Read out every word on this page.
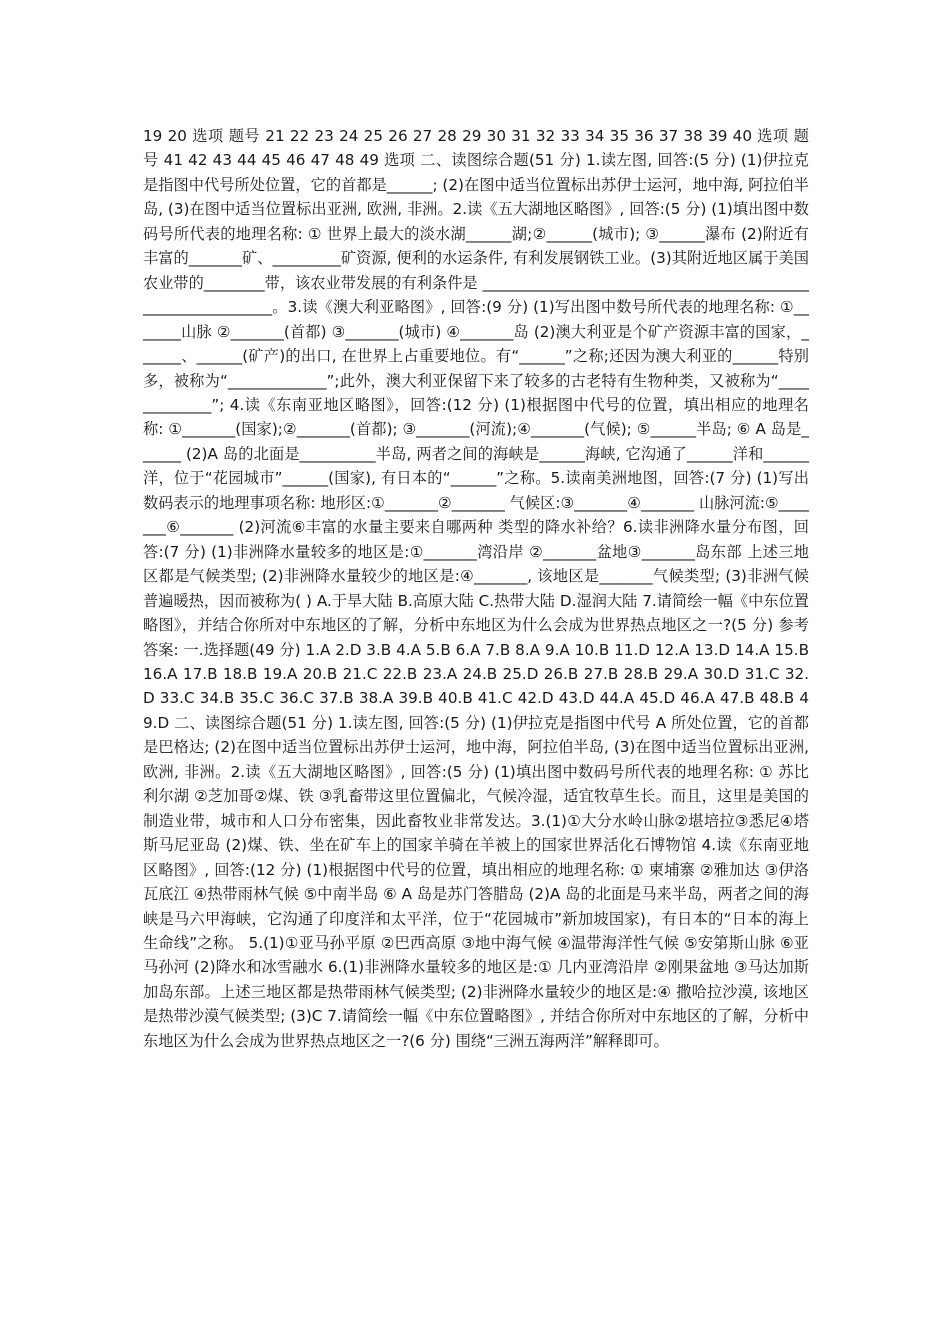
19 20 选项 题号 21 22 23 24 25 26 27 28 29 30 31 32 33 34 35 36 37 38 39 40 选项 题号 41 42 43 44 45 46 47 48 49 选项 二、读图综合题(51 分) 1.读左图, 回答:(5 分) (1)伊拉克是指图中代号所处位置，它的首都是______; (2)在图中适当位置标出苏伊士运河，地中海, 阿拉伯半岛, (3)在图中适当位置标出亚洲, 欧洲, 非洲。2.读《五大湖地区略图》, 回答:(5 分) (1)填出图中数码号所代表的地理名称: ① 世界上最大的淡水湖______湖;②______(城市); ③______瀑布 (2)附近有丰富的_______矿、_________矿资源, 便利的水运条件, 有利发展钢铁工业。(3)其附近地区属于美国农业带的________带，该农业带发展的有利条件是 ____________________________________________________________。3.读《澳大利亚略图》, 回答:(9 分) (1)写出图中数号所代表的地理名称: ①_______山脉 ②_______(首都) ③_______(城市) ④_______岛 (2)澳大利亚是个矿产资源丰富的国家，______、______(矿产)的出口, 在世界上占重要地位。有“______”之称;还因为澳大利亚的______特别多，被称为“_____________”;此外，澳大利亚保留下来了较多的古老特有生物种类，又被称为“_____________”; 4.读《东南亚地区略图》，回答:(12 分) (1)根据图中代号的位置，填出相应的地理名称: ①_______(国家);②_______(首都); ③_______(河流);④_______(气候); ⑤______半岛; ⑥ A 岛是______ (2)A 岛的北面是__________半岛, 两者之间的海峡是______海峡, 它沟通了______洋和______洋，位于“花园城市”______(国家), 有日本的“______”之称。5.读南美洲地图，回答:(7 分) (1)写出数码表示的地理事项名称: 地形区:①_______②_______ 气候区:③_______④_______ 山脉河流:⑤_______⑥_______ (2)河流⑥丰富的水量主要来自哪两种 类型的降水补给？6.读非洲降水量分布图，回答:(7 分) (1)非洲降水量较多的地区是:①_______湾沿岸 ②_______盆地③_______岛东部 上述三地区都是气候类型; (2)非洲降水量较少的地区是:④_______, 该地区是_______气候类型; (3)非洲气候普遍暖热，因而被称为( ) A.于旱大陆 B.高原大陆 C.热带大陆 D.湿润大陆 7.请简绘一幅《中东位置略图》，并结合你所对中东地区的了解，分析中东地区为什么会成为世界热点地区之一?(5 分) 参考答案: 一.选择题(49 分) 1.A 2.D 3.B 4.A 5.B 6.A 7.B 8.A 9.A 10.B 11.D 12.A 13.D 14.A 15.B 16.A 17.B 18.B 19.A 20.B 21.C 22.B 23.A 24.B 25.D 26.B 27.B 28.B 29.A 30.D 31.C 32.D 33.C 34.B 35.C 36.C 37.B 38.A 39.B 40.B 41.C 42.D 43.D 44.A 45.D 46.A 47.B 48.B 49.D 二、读图综合题(51 分) 1.读左图, 回答:(5 分) (1)伊拉克是指图中代号 A 所处位置，它的首都是巴格达; (2)在图中适当位置标出苏伊士运河，地中海，阿拉伯半岛, (3)在图中适当位置标出亚洲, 欧洲, 非洲。2.读《五大湖地区略图》, 回答:(5 分) (1)填出图中数码号所代表的地理名称: ① 苏比利尔湖 ②芝加哥②煤、铁 ③乳畜带这里位置偏北，气候冷湿，适宜牧草生长。而且，这里是美国的制造业带，城市和人口分布密集，因此畜牧业非常发达。3.(1)①大分水岭山脉②堪培拉③悉尼④塔斯马尼亚岛 (2)煤、铁、坐在矿车上的国家羊骑在羊被上的国家世界活化石博物馆 4.读《东南亚地区略图》, 回答:(12 分) (1)根据图中代号的位置，填出相应的地理名称: ① 柬埔寨 ②雅加达 ③伊洛瓦底江 ④热带雨林气候 ⑤中南半岛 ⑥ A 岛是苏门答腊岛 (2)A 岛的北面是马来半岛，两者之间的海峡是马六甲海峡，它沟通了印度洋和太平洋，位于“花园城市”新加坡国家)，有日本的“日本的海上生命线”之称。 5.(1)①亚马孙平原 ②巴西高原 ③地中海气候 ④温带海洋性气候 ⑤安第斯山脉 ⑥亚马孙河 (2)降水和冰雪融水 6.(1)非洲降水量较多的地区是:① 几内亚湾沿岸 ②刚果盆地 ③马达加斯加岛东部。上述三地区都是热带雨林气候类型; (2)非洲降水量较少的地区是:④ 撒哈拉沙漠, 该地区是热带沙漠气候类型; (3)C 7.请简绘一幅《中东位置略图》, 并结合你所对中东地区的了解，分析中东地区为什么会成为世界热点地区之一?(6 分) 围绕“三洲五海两洋”解释即可。
